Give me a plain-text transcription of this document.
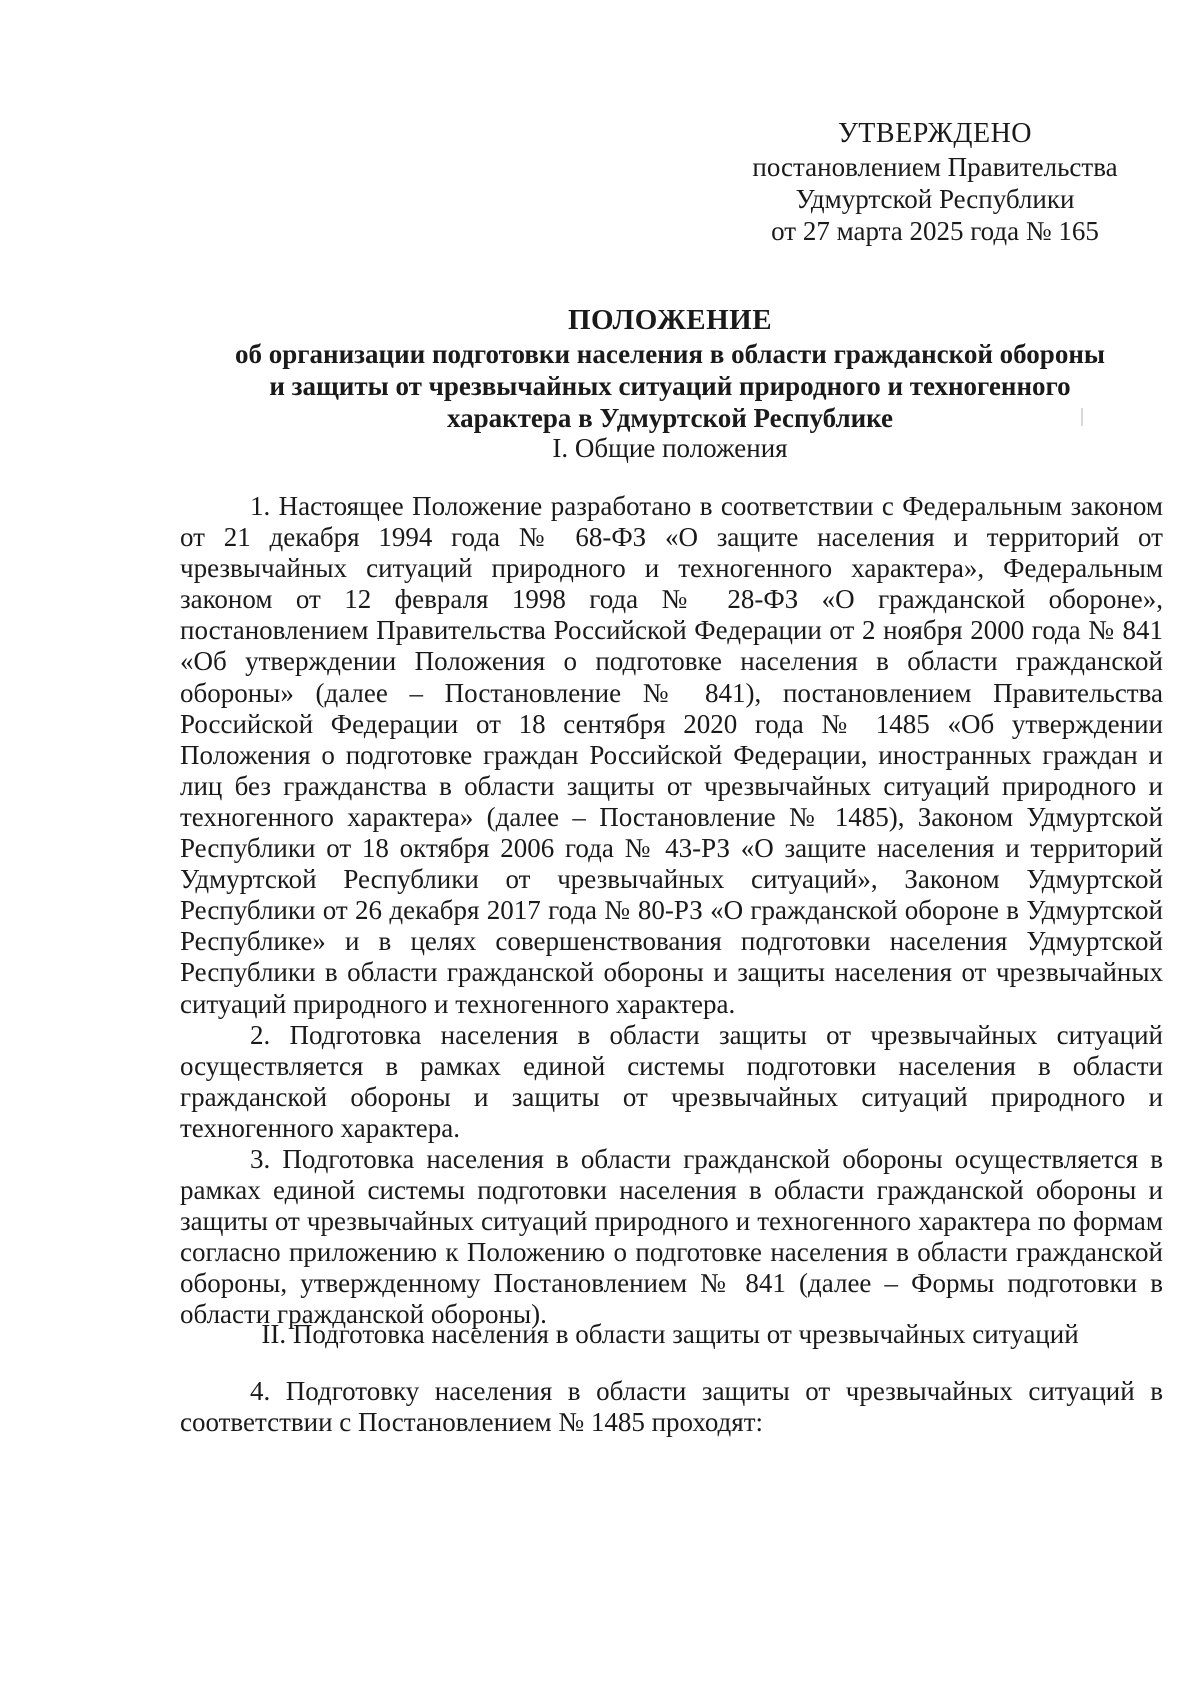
УТВЕРЖДЕНО
постановлением Правительства
Удмуртской Республики
от 27 марта 2025 года № 165
ПОЛОЖЕНИЕ
об организации подготовки населения в области гражданской обороны
и защиты от чрезвычайных ситуаций природного и техногенного
характера в Удмуртской Республике
I. Общие положения

1. Настоящее Положение разработано в соответствии с Федеральным законом от 21 декабря 1994 года № 68-ФЗ «О защите населения и территорий от чрезвычайных ситуаций природного и техногенного характера», Федеральным законом от 12 февраля 1998 года № 28-ФЗ «О гражданской обороне», постановлением Правительства Российской Федерации от 2 ноября 2000 года № 841 «Об утверждении Положения о подготовке населения в области гражданской обороны» (далее – Постановление № 841), постановлением Правительства Российской Федерации от 18 сентября 2020 года № 1485 «Об утверждении Положения о подготовке граждан Российской Федерации, иностранных граждан и лиц без гражданства в области защиты от чрезвычайных ситуаций природного и техногенного характера» (далее – Постановление № 1485), Законом Удмуртской Республики от 18 октября 2006 года № 43-РЗ «О защите населения и территорий Удмуртской Республики от чрезвычайных ситуаций», Законом Удмуртской Республики от 26 декабря 2017 года № 80-РЗ «О гражданской обороне в Удмуртской Республике» и в целях совершенствования подготовки населения Удмуртской Республики в области гражданской обороны и защиты населения от чрезвычайных ситуаций природного и техногенного характера.

2. Подготовка населения в области защиты от чрезвычайных ситуаций осуществляется в рамках единой системы подготовки населения в области гражданской обороны и защиты от чрезвычайных ситуаций природного и техногенного характера.

3. Подготовка населения в области гражданской обороны осуществляется в рамках единой системы подготовки населения в области гражданской обороны и защиты от чрезвычайных ситуаций природного и техногенного характера по формам согласно приложению к Положению о подготовке населения в области гражданской обороны, утвержденному Постановлением № 841 (далее – Формы подготовки в области гражданской обороны).

II. Подготовка населения в области защиты от чрезвычайных ситуаций

4. Подготовку населения в области защиты от чрезвычайных ситуаций в соответствии с Постановлением № 1485 проходят:
